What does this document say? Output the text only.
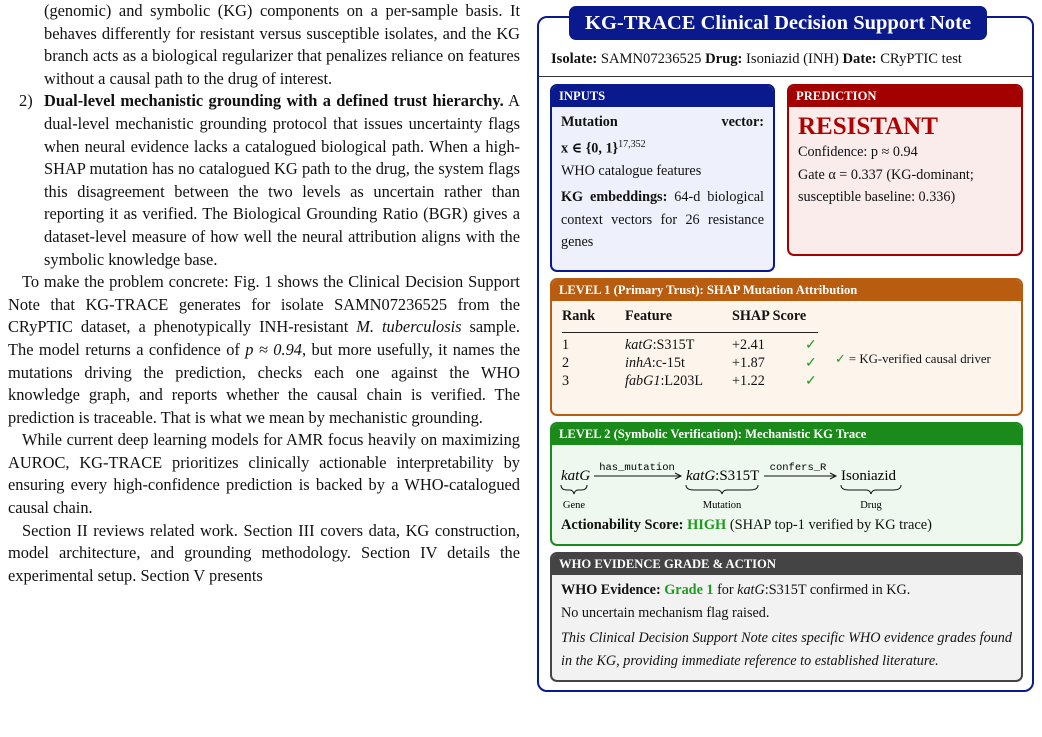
(genomic) and symbolic (KG) components on a per-sample basis. It behaves differently for resistant versus susceptible isolates, and the KG branch acts as a biological regularizer that penalizes reliance on features without a causal path to the drug of interest.

2) Dual-level mechanistic grounding with a defined trust hierarchy. A dual-level mechanistic grounding protocol that issues uncertainty flags when neural evidence lacks a catalogued biological path. When a high-SHAP mutation has no catalogued KG path to the drug, the system flags this disagreement between the two levels as uncertain rather than reporting it as verified. The Biological Grounding Ratio (BGR) gives a dataset-level measure of how well the neural attribution aligns with the symbolic knowledge base.

To make the problem concrete: Fig. 1 shows the Clinical Decision Support Note that KG-TRACE generates for isolate SAMN07236525 from the CRyPTIC dataset, a phenotypically INH-resistant M. tuberculosis sample. The model returns a confidence of p ≈ 0.94, but more usefully, it names the mutations driving the prediction, checks each one against the WHO knowledge graph, and reports whether the causal chain is verified. The prediction is traceable. That is what we mean by mechanistic grounding.

While current deep learning models for AMR focus heavily on maximizing AUROC, KG-TRACE prioritizes clinically actionable interpretability by ensuring every high-confidence prediction is backed by a WHO-catalogued causal chain.

Section II reviews related work. Section III covers data, KG construction, model architecture, and grounding methodology. Section IV details the experimental setup. Section V presents

KG-TRACE Clinical Decision Support Note
Isolate: SAMN07236525 Drug: Isoniazid (INH) Date: CRyPTIC test
INPUTS
Mutation	vector:
x ∈ {0, 1}$^{17,352}$
WHO catalogue features
KG embeddings: 64-d biological context vectors for 26 resistance genes
PREDICTION
RESISTANT
Confidence: p ≈ 0.94
Gate α = 0.337 (KG-dominant;
susceptible baseline: 0.336)
LEVEL 1 (Primary Trust): SHAP Mutation Attribution
Rank Feature	SHAP Score
1	katG:S315T	+2.41	✓
2	inhA:c-15t	+1.87	✓
3	fabG1:L203L +1.22	✓
✓ = KG-verified causal driver
LEVEL 2 (Symbolic Verification): Mechanistic KG Trace
katG
Gene
has_mutation katG:S315T
Mutation
confers_R Isoniazid
Drug
Actionability Score: HIGH (SHAP top-1 verified by KG trace)
WHO EVIDENCE GRADE & ACTION
WHO Evidence: Grade 1 for katG:S315T confirmed in KG.
No uncertain mechanism flag raised.
This Clinical Decision Support Note cites specific WHO evidence grades found in the KG, providing immediate reference to established literature.
